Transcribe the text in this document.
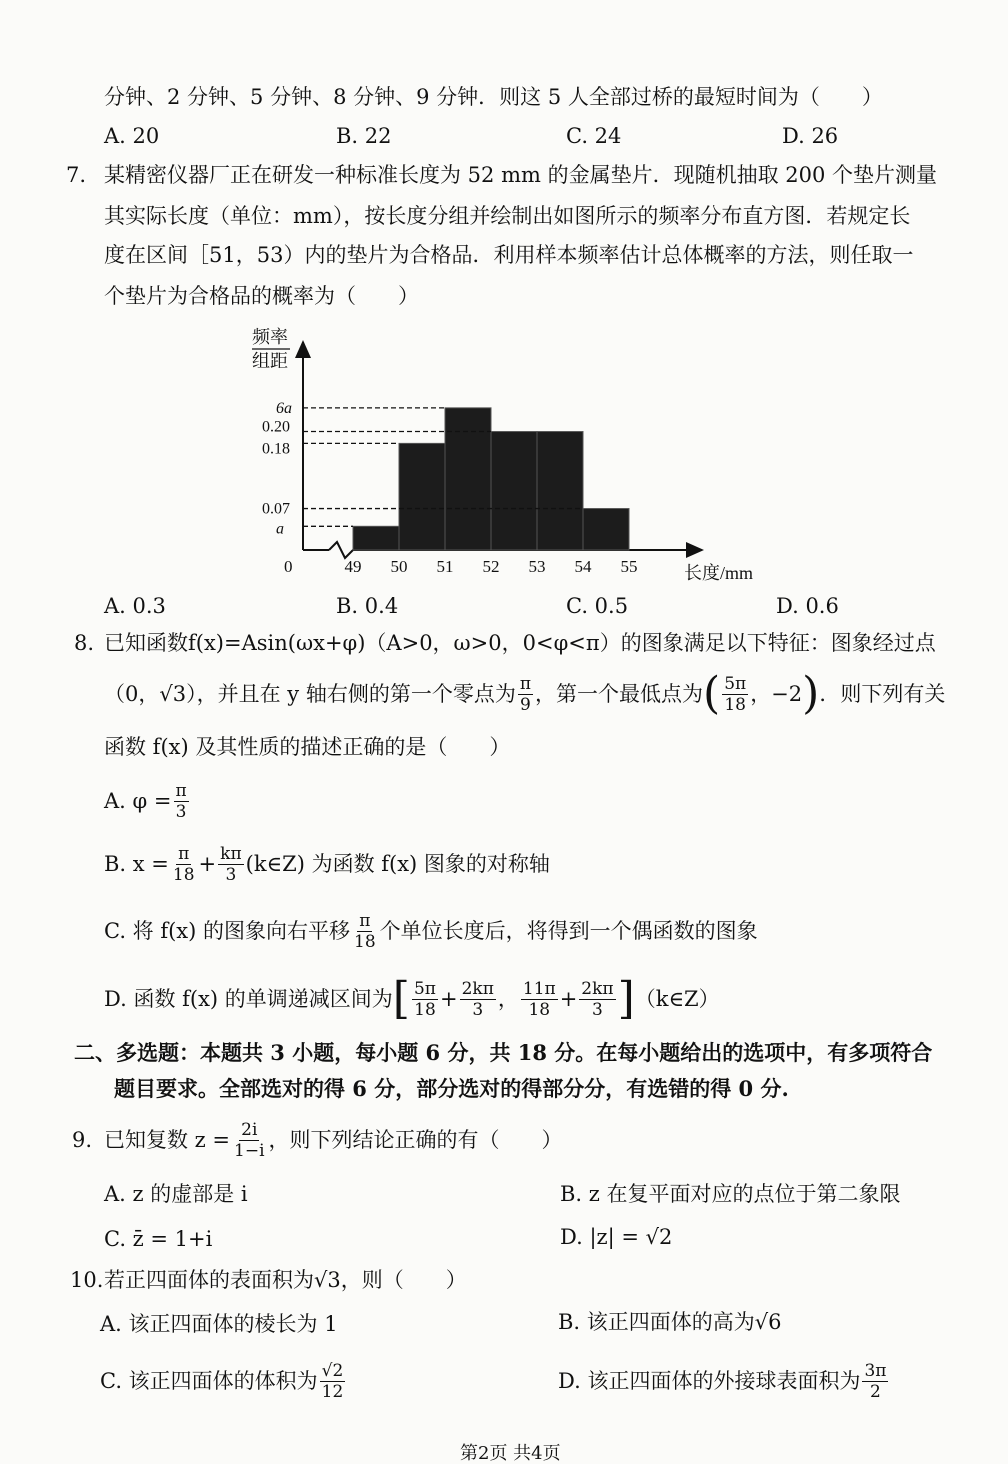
分钟、2 分钟、5 分钟、8 分钟、9 分钟．则这 5 人全部过桥的最短时间为（　　）
A. 20	B. 22	C. 24	D. 26
7. 某精密仪器厂正在研发一种标准长度为 52 mm 的金属垫片．现随机抽取 200 个垫片测量
其实际长度（单位：mm），按长度分组并绘制出如图所示的频率分布直方图．若规定长
度在区间［51，53）内的垫片为合格品．利用样本频率估计总体概率的方法，则任取一
个垫片为合格品的概率为（　　）
49 50 51 52 53 54 55
6a
0.20
0.18
0.07
a
频率
组距
0	长度/mm
A. 0.3	B. 0.4	C. 0.5	D. 0.6
8. 已知函数f(x)=Asin(ωx+φ)（A>0，ω>0，0<φ<π）的图象满足以下特征：图象经过点
（0，√3），并且在 y 轴右侧的第一个零点为 $\frac{\pi}{9}$ ，第一个最低点为 ( $\frac{5\pi}{18}$ ，−2 ) ．则下列有关
函数 f(x) 及其性质的描述正确的是（　　）
A. $\varphi = \frac{\pi}{3}$
B. $x = \frac{\pi}{18} + \frac{k\pi}{3}$ (k∈Z) 为函数 f(x) 图象的对称轴
C. 将 f(x) 的图象向右平移 $\frac{\pi}{18}$ 个单位长度后，将得到一个偶函数的图象
D. 函数 f(x) 的单调递减区间为 [ $\frac{5\pi}{18} + \frac{2k\pi}{3}$ ， $\frac{11\pi}{18} + \frac{2k\pi}{3}$ ] （k∈Z）
二、多选题：本题共 3 小题，每小题 6 分，共 18 分。在每小题给出的选项中，有多项符合
题目要求。全部选对的得 6 分，部分选对的得部分分，有选错的得 0 分.
9. 已知复数 $z = \frac{2i}{1-i}$ ，则下列结论正确的有（　　）
A. z 的虚部是 i	B. z 在复平面对应的点位于第二象限
C. z̄ = 1+i	D. |z| = √2
10. 若正四面体的表面积为√3，则（　　）
A. 该正四面体的棱长为 1	B. 该正四面体的高为√6
C. 该正四面体的体积为 $\frac{√2}{12}$	D. 该正四面体的外接球表面积为 $\frac{3\pi}{2}$
第2页 共4页
